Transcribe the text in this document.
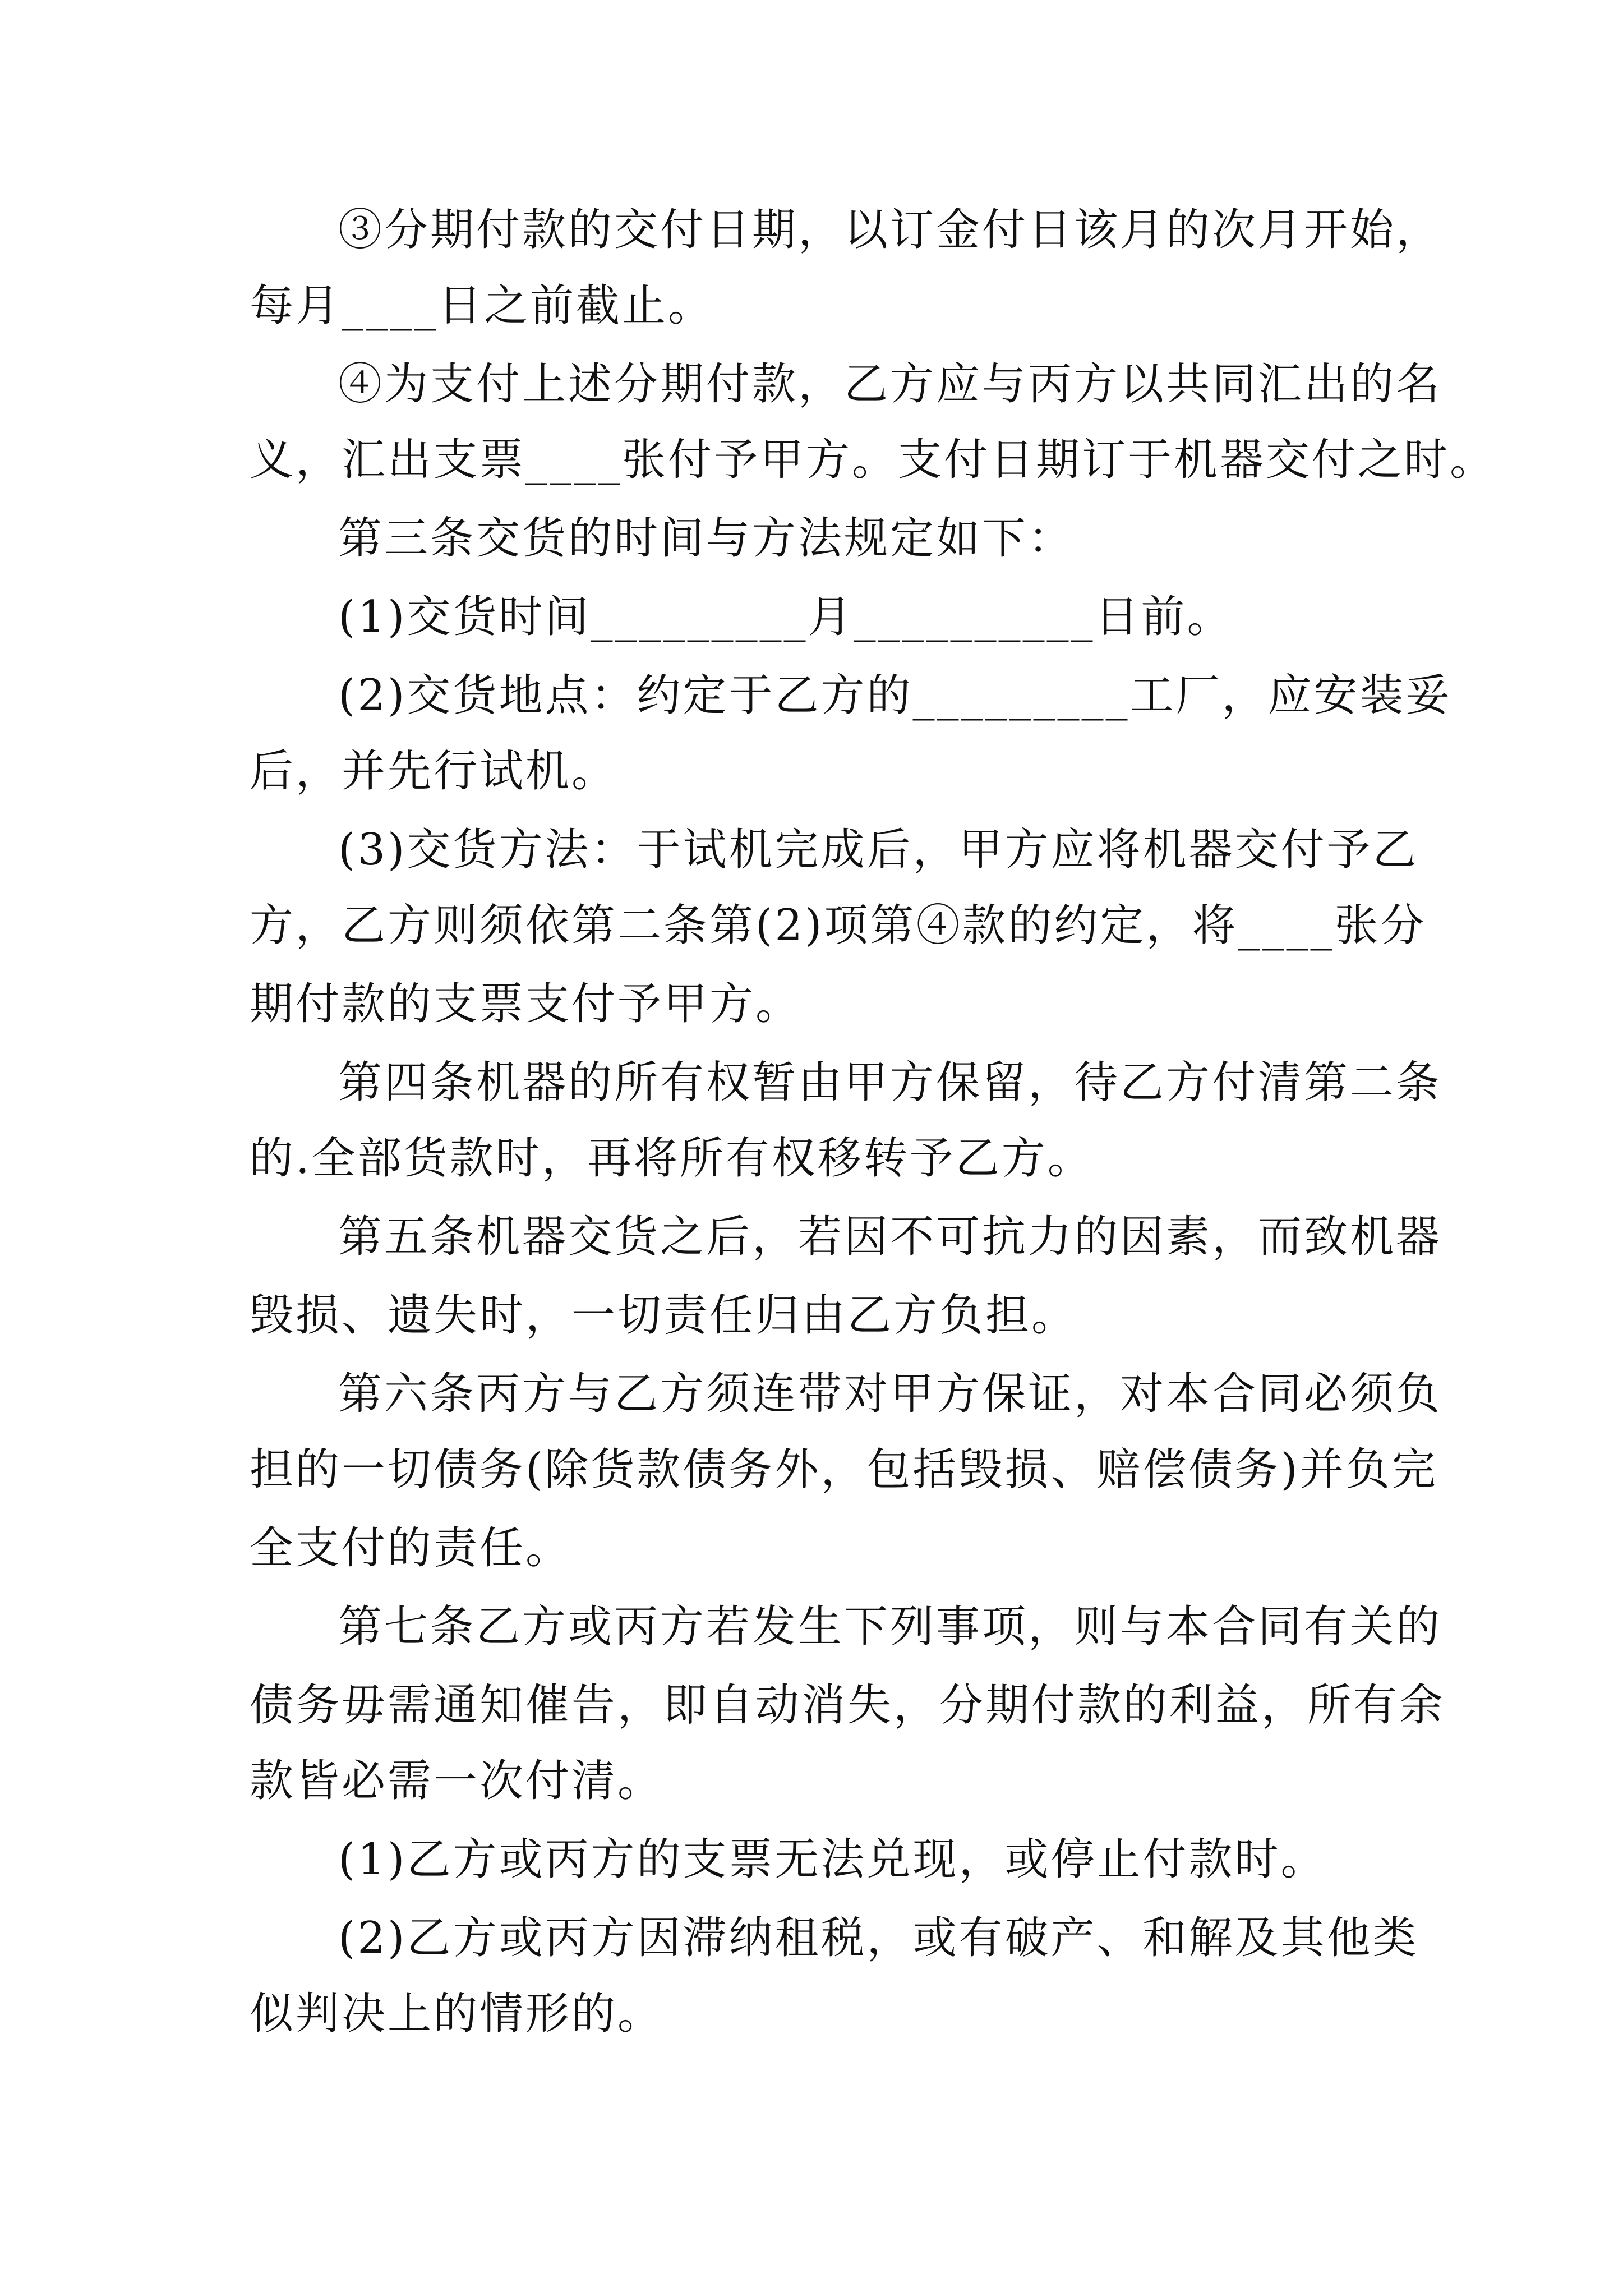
③分期付款的交付日期，以订金付日该月的次月开始，
每月____日之前截止。
④为支付上述分期付款，乙方应与丙方以共同汇出的名
义，汇出支票____张付予甲方。支付日期订于机器交付之时。
第三条交货的时间与方法规定如下：
(1)交货时间_________月__________日前。
(2)交货地点：约定于乙方的_________工厂，应安装妥
后，并先行试机。
(3)交货方法：于试机完成后，甲方应将机器交付予乙
方，乙方则须依第二条第(2)项第④款的约定，将____张分
期付款的支票支付予甲方。
第四条机器的所有权暂由甲方保留，待乙方付清第二条
的.全部货款时，再将所有权移转予乙方。
第五条机器交货之后，若因不可抗力的因素，而致机器
毁损、遗失时，一切责任归由乙方负担。
第六条丙方与乙方须连带对甲方保证，对本合同必须负
担的一切债务(除货款债务外，包括毁损、赔偿债务)并负完
全支付的责任。
第七条乙方或丙方若发生下列事项，则与本合同有关的
债务毋需通知催告，即自动消失，分期付款的利益，所有余
款皆必需一次付清。
(1)乙方或丙方的支票无法兑现，或停止付款时。
(2)乙方或丙方因滞纳租税，或有破产、和解及其他类
似判决上的情形的。
